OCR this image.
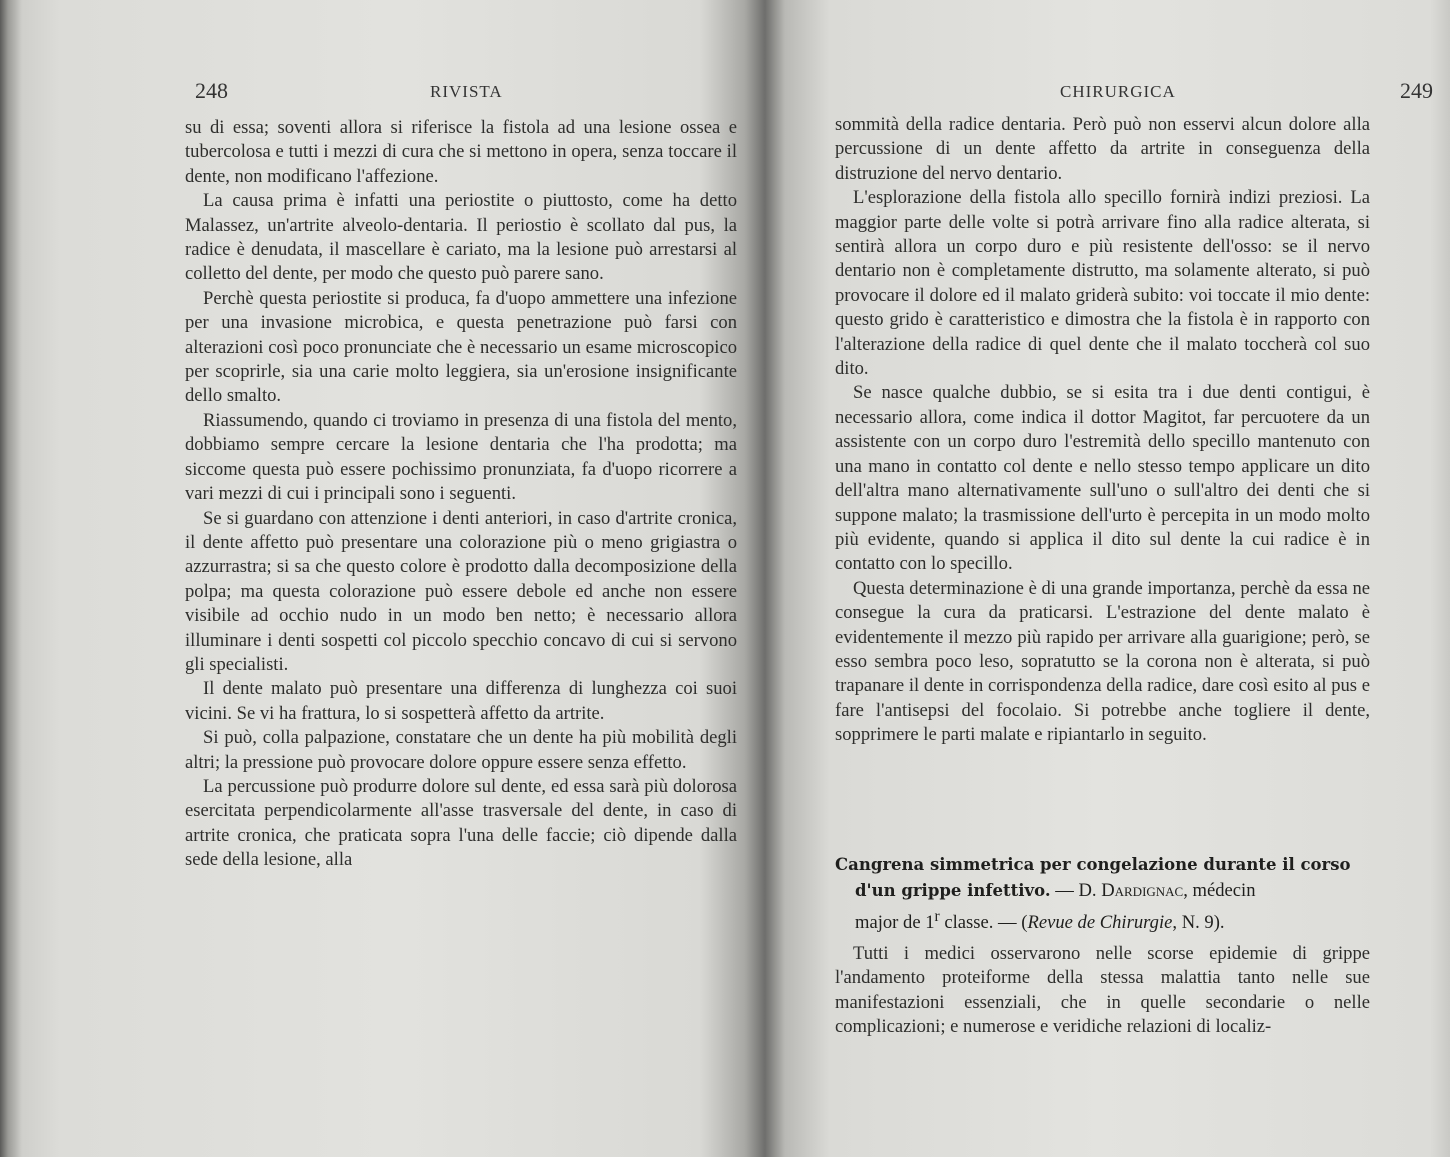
248	RIVISTA

su di essa; soventi allora si riferisce la fistola ad una lesione ossea e tubercolosa e tutti i mezzi di cura che si mettono in opera, senza toccare il dente, non modificano l'affezione.

La causa prima è infatti una periostite o piuttosto, come ha detto Malassez, un'artrite alveolo-dentaria. Il periostio è scollato dal pus, la radice è denudata, il mascellare è cariato, ma la lesione può arrestarsi al colletto del dente, per modo che questo può parere sano.

Perchè questa periostite si produca, fa d'uopo ammettere una infezione per una invasione microbica, e questa penetrazione può farsi con alterazioni così poco pronunciate che è necessario un esame microscopico per scoprirle, sia una carie molto leggiera, sia un'erosione insignificante dello smalto.

Riassumendo, quando ci troviamo in presenza di una fistola del mento, dobbiamo sempre cercare la lesione dentaria che l'ha prodotta; ma siccome questa può essere pochissimo pronunziata, fa d'uopo ricorrere a vari mezzi di cui i principali sono i seguenti.

Se si guardano con attenzione i denti anteriori, in caso d'artrite cronica, il dente affetto può presentare una colorazione più o meno grigiastra o azzurrastra; si sa che questo colore è prodotto dalla decomposizione della polpa; ma questa colorazione può essere debole ed anche non essere visibile ad occhio nudo in un modo ben netto; è necessario allora illuminare i denti sospetti col piccolo specchio concavo di cui si servono gli specialisti.

Il dente malato può presentare una differenza di lunghezza coi suoi vicini. Se vi ha frattura, lo si sospetterà affetto da artrite.

Si può, colla palpazione, constatare che un dente ha più mobilità degli altri; la pressione può provocare dolore oppure essere senza effetto.

La percussione può produrre dolore sul dente, ed essa sarà più dolorosa esercitata perpendicolarmente all'asse trasversale del dente, in caso di artrite cronica, che praticata sopra l'una delle faccie; ciò dipende dalla sede della lesione, alla

CHIRURGICA	249

sommità della radice dentaria. Però può non esservi alcun dolore alla percussione di un dente affetto da artrite in conseguenza della distruzione del nervo dentario.

L'esplorazione della fistola allo specillo fornirà indizi preziosi. La maggior parte delle volte si potrà arrivare fino alla radice alterata, si sentirà allora un corpo duro e più resistente dell'osso: se il nervo dentario non è completamente distrutto, ma solamente alterato, si può provocare il dolore ed il malato griderà subito: voi toccate il mio dente: questo grido è caratteristico e dimostra che la fistola è in rapporto con l'alterazione della radice di quel dente che il malato toccherà col suo dito.

Se nasce qualche dubbio, se si esita tra i due denti contigui, è necessario allora, come indica il dottor Magitot, far percuotere da un assistente con un corpo duro l'estremità dello specillo mantenuto con una mano in contatto col dente e nello stesso tempo applicare un dito dell'altra mano alternativamente sull'uno o sull'altro dei denti che si suppone malato; la trasmissione dell'urto è percepita in un modo molto più evidente, quando si applica il dito sul dente la cui radice è in contatto con lo specillo.

Questa determinazione è di una grande importanza, perchè da essa ne consegue la cura da praticarsi. L'estrazione del dente malato è evidentemente il mezzo più rapido per arrivare alla guarigione; però, se esso sembra poco leso, sopratutto se la corona non è alterata, si può trapanare il dente in corrispondenza della radice, dare così esito al pus e fare l'antisepsi del focolaio. Si potrebbe anche togliere il dente, sopprimere le parti malate e ripiantarlo in seguito.

Cangrena simmetrica per congelazione durante il corso
d'un grippe infettivo. — D. Dardignac, médecin
major de 1$^r$ classe. — (Revue de Chirurgie, N. 9).

Tutti i medici osservarono nelle scorse epidemie di grippe l'andamento proteiforme della stessa malattia tanto nelle sue manifestazioni essenziali, che in quelle secondarie o nelle complicazioni; e numerose e veridiche relazioni di localiz-
